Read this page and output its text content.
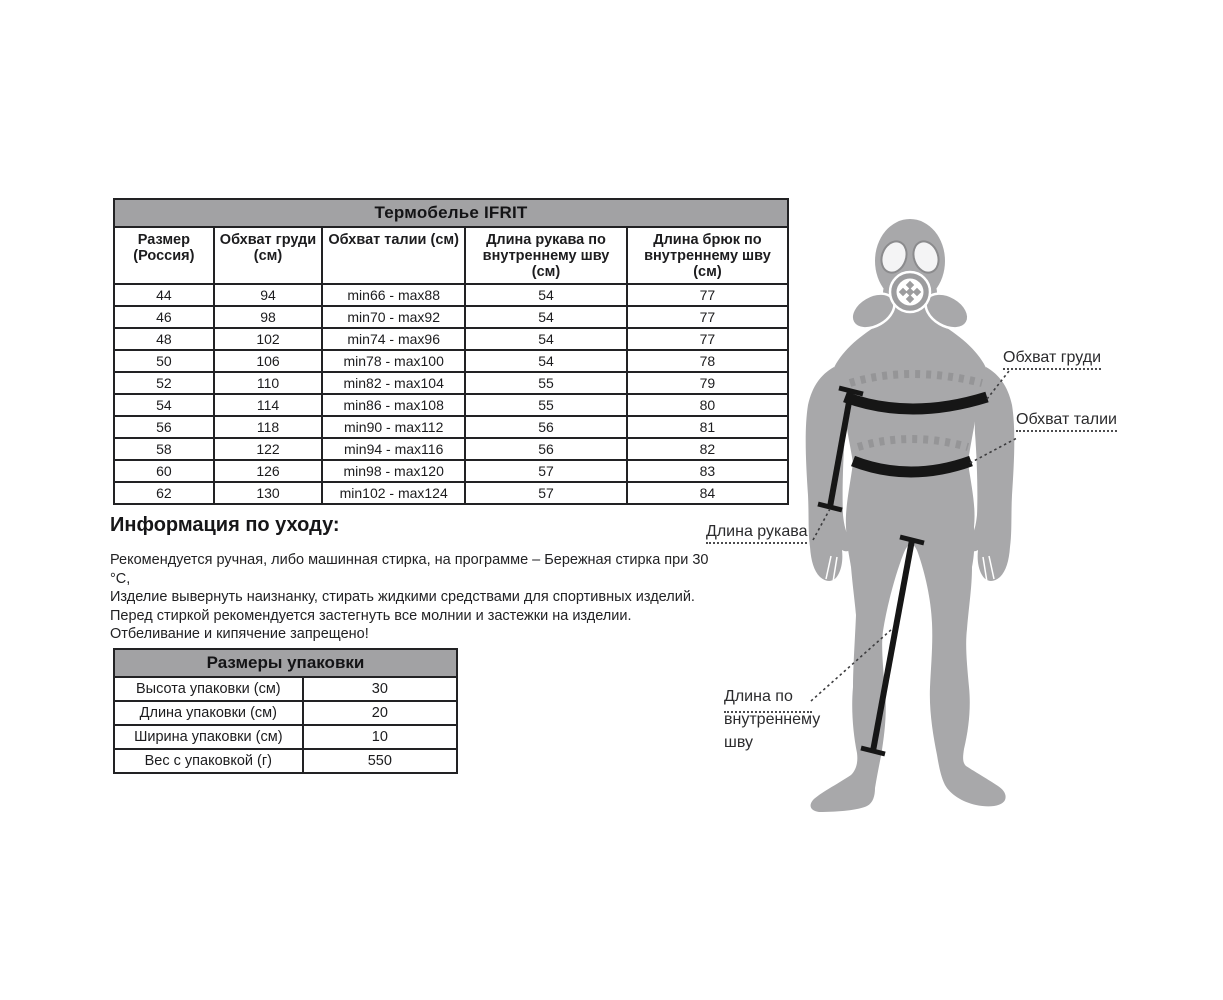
Термобелье IFRIT				
Размер (Россия)	Обхват груди (см)	Обхват талии (см)	Длина рукава по внутреннему шву (см)	Длина брюк по внутреннему шву (см)
44	94	min66 - max88	54	77
46	98	min70 - max92	54	77
48	102	min74 - max96	54	77
50	106	min78 - max100	54	78
52	110	min82 - max104	55	79
54	114	min86 - max108	55	80
56	118	min90 - max112	56	81
58	122	min94 - max116	56	82
60	126	min98 - max120	57	83
62	130	min102 - max124	57	84
Информация по уходу:
Рекомендуется ручная, либо машинная стирка, на программе – Бережная стирка при 30 °C,
Изделие вывернуть наизнанку, стирать жидкими средствами для спортивных изделий.
Перед стиркой рекомендуется застегнуть все молнии и застежки на изделии.
Отбеливание и кипячение запрещено!
Размеры упаковки	
Высота упаковки (см)	30
Длина упаковки (см)	20
Ширина упаковки (см)	10
Вес с упаковкой (г)	550
Обхват груди
Обхват талии
Длина рукава
Длина по внутреннему шву
